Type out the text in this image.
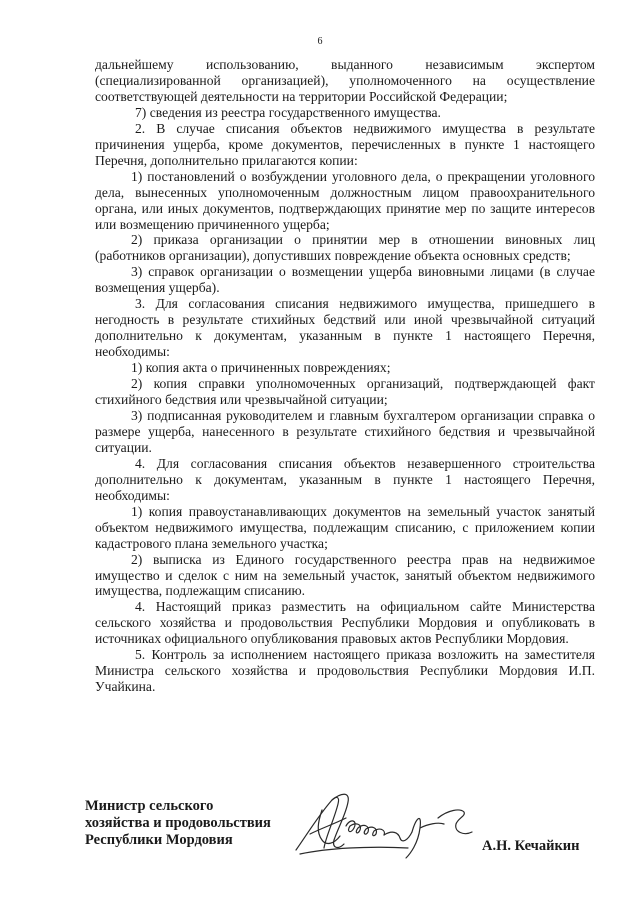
6

дальнейшему использованию, выданного независимым экспертом (специализированной организацией), уполномоченного на осуществление соответствующей деятельности на территории Российской Федерации;

7) сведения из реестра государственного имущества.

2. В случае списания объектов недвижимого имущества в результате причинения ущерба, кроме документов, перечисленных в пункте 1 настоящего Перечня, дополнительно прилагаются копии:

1) постановлений о возбуждении уголовного дела, о прекращении уголовного дела, вынесенных уполномоченным должностным лицом правоохранительного органа, или иных документов, подтверждающих принятие мер по защите интересов или возмещению причиненного ущерба;

2) приказа организации о принятии мер в отношении виновных лиц (работников организации), допустивших повреждение объекта основных средств;

3) справок организации о возмещении ущерба виновными лицами (в случае возмещения ущерба).

3. Для согласования списания недвижимого имущества, пришедшего в негодность в результате стихийных бедствий или иной чрезвычайной ситуаций дополнительно к документам, указанным в пункте 1 настоящего Перечня, необходимы:

1) копия акта о причиненных повреждениях;

2) копия справки уполномоченных организаций, подтверждающей факт стихийного бедствия или чрезвычайной ситуации;

3) подписанная руководителем и главным бухгалтером организации справка о размере ущерба, нанесенного в результате стихийного бедствия и чрезвычайной ситуации.

4. Для согласования списания объектов незавершенного строительства дополнительно к документам, указанным в пункте 1 настоящего Перечня, необходимы:

1) копия правоустанавливающих документов на земельный участок занятый объектом недвижимого имущества, подлежащим списанию, с приложением копии кадастрового плана земельного участка;

2) выписка из Единого государственного реестра прав на недвижимое имущество и сделок с ним на земельный участок, занятый объектом недвижимого имущества, подлежащим списанию.

4. Настоящий приказ разместить на официальном сайте Министерства сельского хозяйства и продовольствия Республики Мордовия и опубликовать в источниках официального опубликования правовых актов Республики Мордовия.

5. Контроль за исполнением настоящего приказа возложить на заместителя Министра сельского хозяйства и продовольствия Республики Мордовия И.П. Учайкина.

Министр сельского
хозяйства и продовольствия
Республики Мордовия	А.Н. Кечайкин
